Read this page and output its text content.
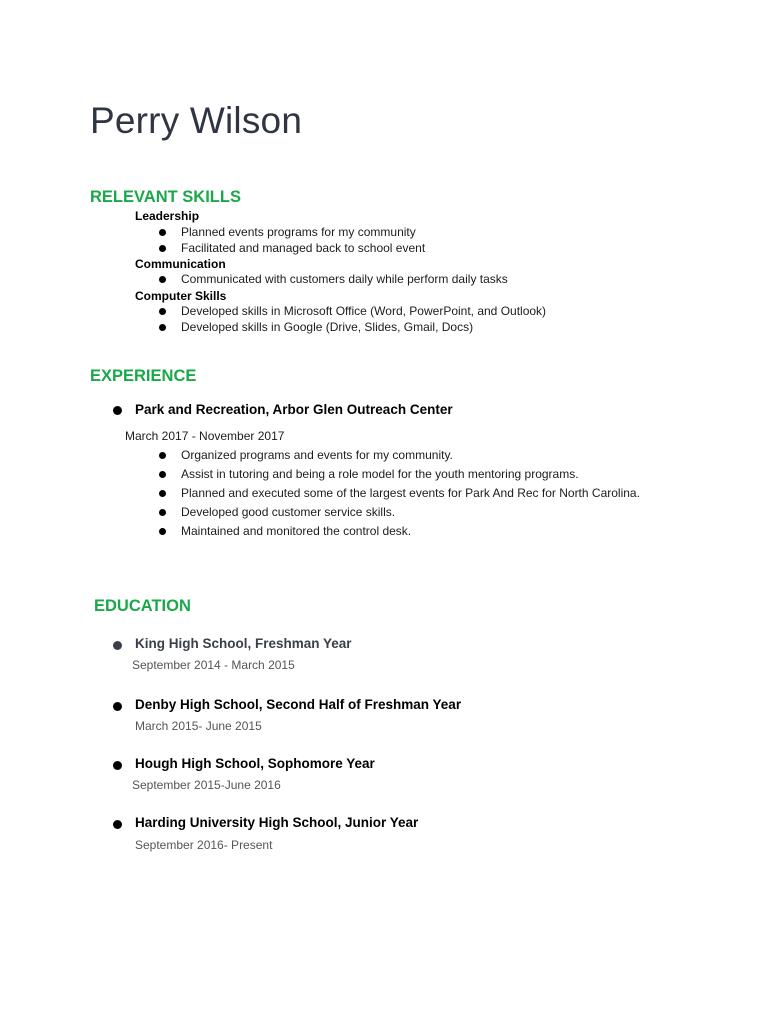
Perry Wilson
RELEVANT SKILLS
Leadership
Planned events programs for my community
Facilitated and managed back to school event
Communication
Communicated with customers daily while perform daily tasks
Computer Skills
Developed skills in Microsoft Office (Word, PowerPoint, and Outlook)
Developed skills in Google (Drive, Slides, Gmail, Docs)
EXPERIENCE
Park and Recreation, Arbor Glen Outreach Center
March 2017 - November 2017
Organized programs and events for my community.
Assist in tutoring and being a role model for the youth mentoring programs.
Planned and executed some of the largest events for Park And Rec for North Carolina.
Developed good customer service skills.
Maintained and monitored the control desk.
EDUCATION
King High School, Freshman Year
September 2014 - March 2015
Denby High School, Second Half of Freshman Year
March 2015- June 2015
Hough High School, Sophomore Year
September 2015-June 2016
Harding University High School, Junior Year
September 2016- Present
